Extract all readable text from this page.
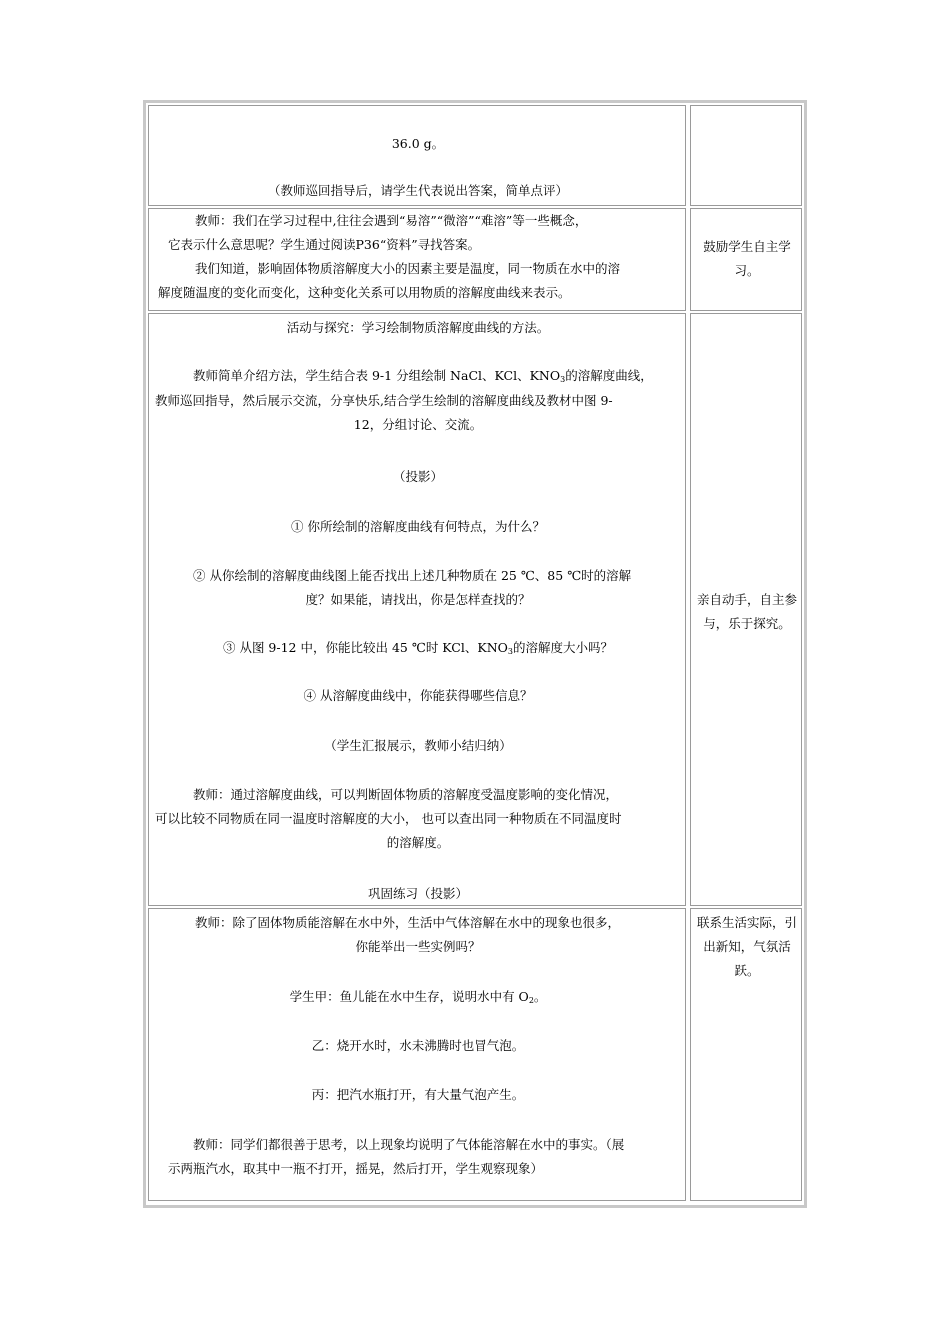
36.0 g。
（教师巡回指导后，请学生代表说出答案，简单点评）
教师：我们在学习过程中,往往会遇到“易溶”“微溶”“难溶”等一些概念，
它表示什么意思呢？学生通过阅读P36“资料”寻找答案。
我们知道，影响固体物质溶解度大小的因素主要是温度，同一物质在水中的溶
解度随温度的变化而变化，这种变化关系可以用物质的溶解度曲线来表示。
鼓励学生自主学
习。
活动与探究：学习绘制物质溶解度曲线的方法。
教师简单介绍方法，学生结合表 9-1 分组绘制 NaCl、KCl、$KNO_3$的溶解度曲线，
教师巡回指导，然后展示交流，分享快乐,结合学生绘制的溶解度曲线及教材中图 9-
12，分组讨论、交流。
（投影）
① 你所绘制的溶解度曲线有何特点，为什么？
② 从你绘制的溶解度曲线图上能否找出上述几种物质在 25 ℃、85 ℃时的溶解
度？如果能，请找出，你是怎样查找的？
③ 从图 9-12 中，你能比较出 45 ℃时 KCl、$KNO_3$的溶解度大小吗？
④ 从溶解度曲线中，你能获得哪些信息？
（学生汇报展示，教师小结归纳）
教师：通过溶解度曲线，可以判断固体物质的溶解度受温度影响的变化情况，
可以比较不同物质在同一温度时溶解度的大小， 也可以查出同一种物质在不同温度时
的溶解度。
巩固练习（投影）
亲自动手，自主参
与，乐于探究。
教师：除了固体物质能溶解在水中外，生活中气体溶解在水中的现象也很多，
你能举出一些实例吗？
学生甲：鱼儿能在水中生存，说明水中有 $O_2$。
乙：烧开水时，水未沸腾时也冒气泡。
丙：把汽水瓶打开，有大量气泡产生。
教师：同学们都很善于思考，以上现象均说明了气体能溶解在水中的事实。（展
示两瓶汽水，取其中一瓶不打开，摇晃，然后打开，学生观察现象）
联系生活实际，引
出新知，气氛活
跃。
